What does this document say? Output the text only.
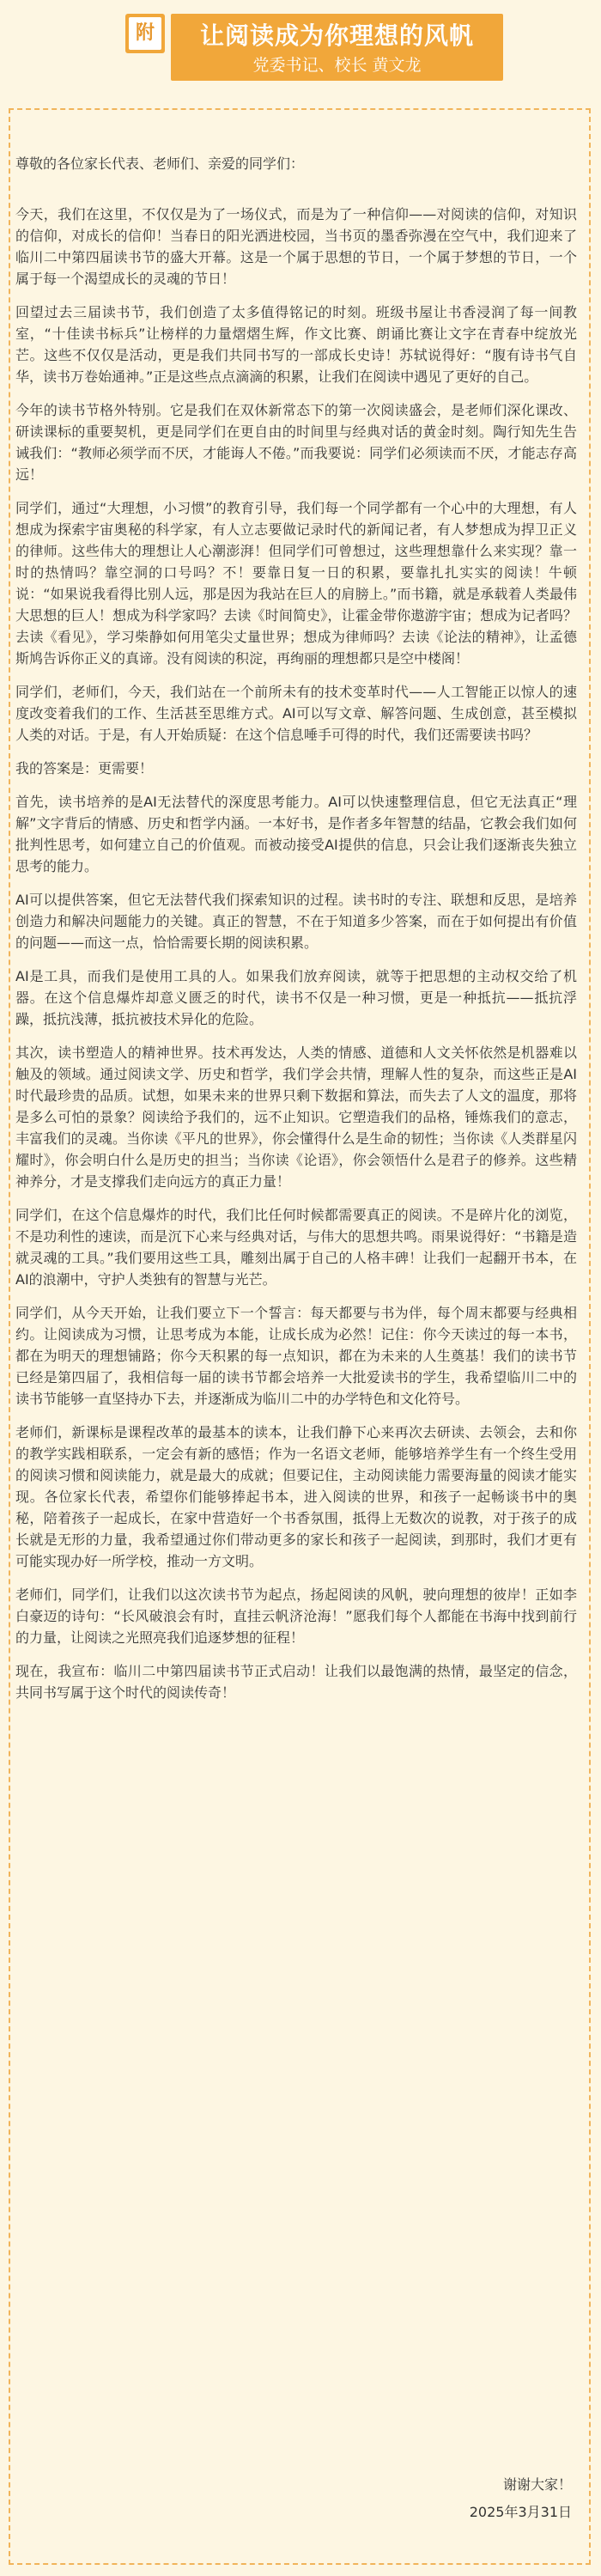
附	让阅读成为你理想的风帆
党委书记、校长 黄文龙

尊敬的各位家长代表、老师们、亲爱的同学们：

今天，我们在这里，不仅仅是为了一场仪式，而是为了一种信仰——对阅读的信仰，对知识的信仰，对成长的信仰！当春日的阳光洒进校园，当书页的墨香弥漫在空气中，我们迎来了临川二中第四届读书节的盛大开幕。这是一个属于思想的节日，一个属于梦想的节日，一个属于每一个渴望成长的灵魂的节日！

回望过去三届读书节，我们创造了太多值得铭记的时刻。班级书屋让书香浸润了每一间教室，“十佳读书标兵”让榜样的力量熠熠生辉，作文比赛、朗诵比赛让文字在青春中绽放光芒。这些不仅仅是活动，更是我们共同书写的一部成长史诗！苏轼说得好：“腹有诗书气自华，读书万卷始通神。”正是这些点点滴滴的积累，让我们在阅读中遇见了更好的自己。

今年的读书节格外特别。它是我们在双休新常态下的第一次阅读盛会，是老师们深化课改、研读课标的重要契机，更是同学们在更自由的时间里与经典对话的黄金时刻。陶行知先生告诫我们：“教师必须学而不厌，才能诲人不倦。”而我要说：同学们必须读而不厌，才能志存高远！

同学们，通过“大理想，小习惯”的教育引导，我们每一个同学都有一个心中的大理想，有人想成为探索宇宙奥秘的科学家，有人立志要做记录时代的新闻记者，有人梦想成为捍卫正义的律师。这些伟大的理想让人心潮澎湃！但同学们可曾想过，这些理想靠什么来实现？靠一时的热情吗？靠空洞的口号吗？不！要靠日复一日的积累，要靠扎扎实实的阅读！牛顿说：“如果说我看得比别人远，那是因为我站在巨人的肩膀上。”而书籍，就是承载着人类最伟大思想的巨人！想成为科学家吗？去读《时间简史》，让霍金带你遨游宇宙；想成为记者吗？去读《看见》，学习柴静如何用笔尖丈量世界；想成为律师吗？去读《论法的精神》，让孟德斯鸠告诉你正义的真谛。没有阅读的积淀，再绚丽的理想都只是空中楼阁！

同学们，老师们，今天，我们站在一个前所未有的技术变革时代——人工智能正以惊人的速度改变着我们的工作、生活甚至思维方式。AI可以写文章、解答问题、生成创意，甚至模拟人类的对话。于是，有人开始质疑：在这个信息唾手可得的时代，我们还需要读书吗？

我的答案是：更需要！

首先，读书培养的是AI无法替代的深度思考能力。AI可以快速整理信息，但它无法真正“理解”文字背后的情感、历史和哲学内涵。一本好书，是作者多年智慧的结晶，它教会我们如何批判性思考，如何建立自己的价值观。而被动接受AI提供的信息，只会让我们逐渐丧失独立思考的能力。

AI可以提供答案，但它无法替代我们探索知识的过程。读书时的专注、联想和反思，是培养创造力和解决问题能力的关键。真正的智慧，不在于知道多少答案，而在于如何提出有价值的问题——而这一点，恰恰需要长期的阅读积累。

AI是工具，而我们是使用工具的人。如果我们放弃阅读，就等于把思想的主动权交给了机器。在这个信息爆炸却意义匮乏的时代，读书不仅是一种习惯，更是一种抵抗——抵抗浮躁，抵抗浅薄，抵抗被技术异化的危险。

其次，读书塑造人的精神世界。技术再发达，人类的情感、道德和人文关怀依然是机器难以触及的领域。通过阅读文学、历史和哲学，我们学会共情，理解人性的复杂，而这些正是AI时代最珍贵的品质。试想，如果未来的世界只剩下数据和算法，而失去了人文的温度，那将是多么可怕的景象？阅读给予我们的，远不止知识。它塑造我们的品格，锤炼我们的意志，丰富我们的灵魂。当你读《平凡的世界》，你会懂得什么是生命的韧性；当你读《人类群星闪耀时》，你会明白什么是历史的担当；当你读《论语》，你会领悟什么是君子的修养。这些精神养分，才是支撑我们走向远方的真正力量！

同学们，在这个信息爆炸的时代，我们比任何时候都需要真正的阅读。不是碎片化的浏览，不是功利性的速读，而是沉下心来与经典对话，与伟大的思想共鸣。雨果说得好：“书籍是造就灵魂的工具。”我们要用这些工具，雕刻出属于自己的人格丰碑！让我们一起翻开书本，在AI的浪潮中，守护人类独有的智慧与光芒。

同学们，从今天开始，让我们要立下一个誓言：每天都要与书为伴，每个周末都要与经典相约。让阅读成为习惯，让思考成为本能，让成长成为必然！记住：你今天读过的每一本书，都在为明天的理想铺路；你今天积累的每一点知识，都在为未来的人生奠基！我们的读书节已经是第四届了，我相信每一届的读书节都会培养一大批爱读书的学生，我希望临川二中的读书节能够一直坚持办下去，并逐渐成为临川二中的办学特色和文化符号。

老师们，新课标是课程改革的最基本的读本，让我们静下心来再次去研读、去领会，去和你的教学实践相联系，一定会有新的感悟；作为一名语文老师，能够培养学生有一个终生受用的阅读习惯和阅读能力，就是最大的成就；但要记住，主动阅读能力需要海量的阅读才能实现。各位家长代表，希望你们能够捧起书本，进入阅读的世界，和孩子一起畅谈书中的奥秘，陪着孩子一起成长，在家中营造好一个书香氛围，抵得上无数次的说教，对于孩子的成长就是无形的力量，我希望通过你们带动更多的家长和孩子一起阅读，到那时，我们才更有可能实现办好一所学校，推动一方文明。

老师们，同学们，让我们以这次读书节为起点，扬起阅读的风帆，驶向理想的彼岸！正如李白豪迈的诗句：“长风破浪会有时，直挂云帆济沧海！”愿我们每个人都能在书海中找到前行的力量，让阅读之光照亮我们追逐梦想的征程！

现在，我宣布：临川二中第四届读书节正式启动！让我们以最饱满的热情，最坚定的信念，共同书写属于这个时代的阅读传奇！

谢谢大家！
2025年3月31日
